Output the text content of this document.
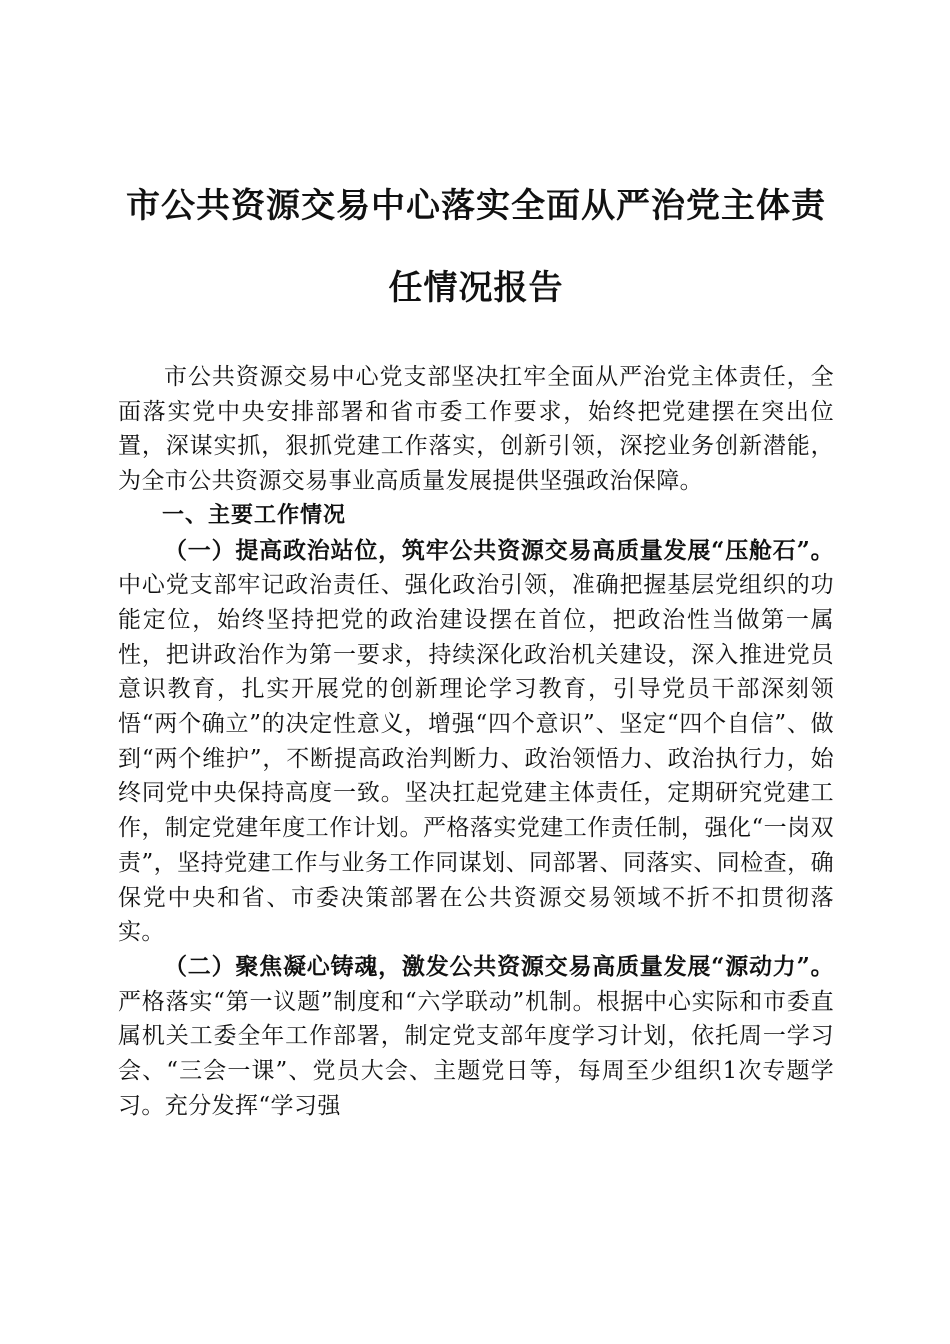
市公共资源交易中心落实全面从严治党主体责任情况报告

市公共资源交易中心党支部坚决扛牢全面从严治党主体责任，全面落实党中央安排部署和省市委工作要求，始终把党建摆在突出位置，深谋实抓，狠抓党建工作落实，创新引领，深挖业务创新潜能，为全市公共资源交易事业高质量发展提供坚强政治保障。

一、主要工作情况

（一）提高政治站位，筑牢公共资源交易高质量发展“压舱石”。中心党支部牢记政治责任、强化政治引领，准确把握基层党组织的功能定位，始终坚持把党的政治建设摆在首位，把政治性当做第一属性，把讲政治作为第一要求，持续深化政治机关建设，深入推进党员意识教育，扎实开展党的创新理论学习教育，引导党员干部深刻领悟“两个确立”的决定性意义，增强“四个意识”、坚定“四个自信”、做到“两个维护”，不断提高政治判断力、政治领悟力、政治执行力，始终同党中央保持高度一致。坚决扛起党建主体责任，定期研究党建工作，制定党建年度工作计划。严格落实党建工作责任制，强化“一岗双责”，坚持党建工作与业务工作同谋划、同部署、同落实、同检查，确保党中央和省、市委决策部署在公共资源交易领域不折不扣贯彻落实。

（二）聚焦凝心铸魂，激发公共资源交易高质量发展“源动力”。严格落实“第一议题”制度和“六学联动”机制。根据中心实际和市委直属机关工委全年工作部署，制定党支部年度学习计划，依托周一学习会、“三会一课”、党员大会、主题党日等，每周至少组织1次专题学习。充分发挥“学习强
